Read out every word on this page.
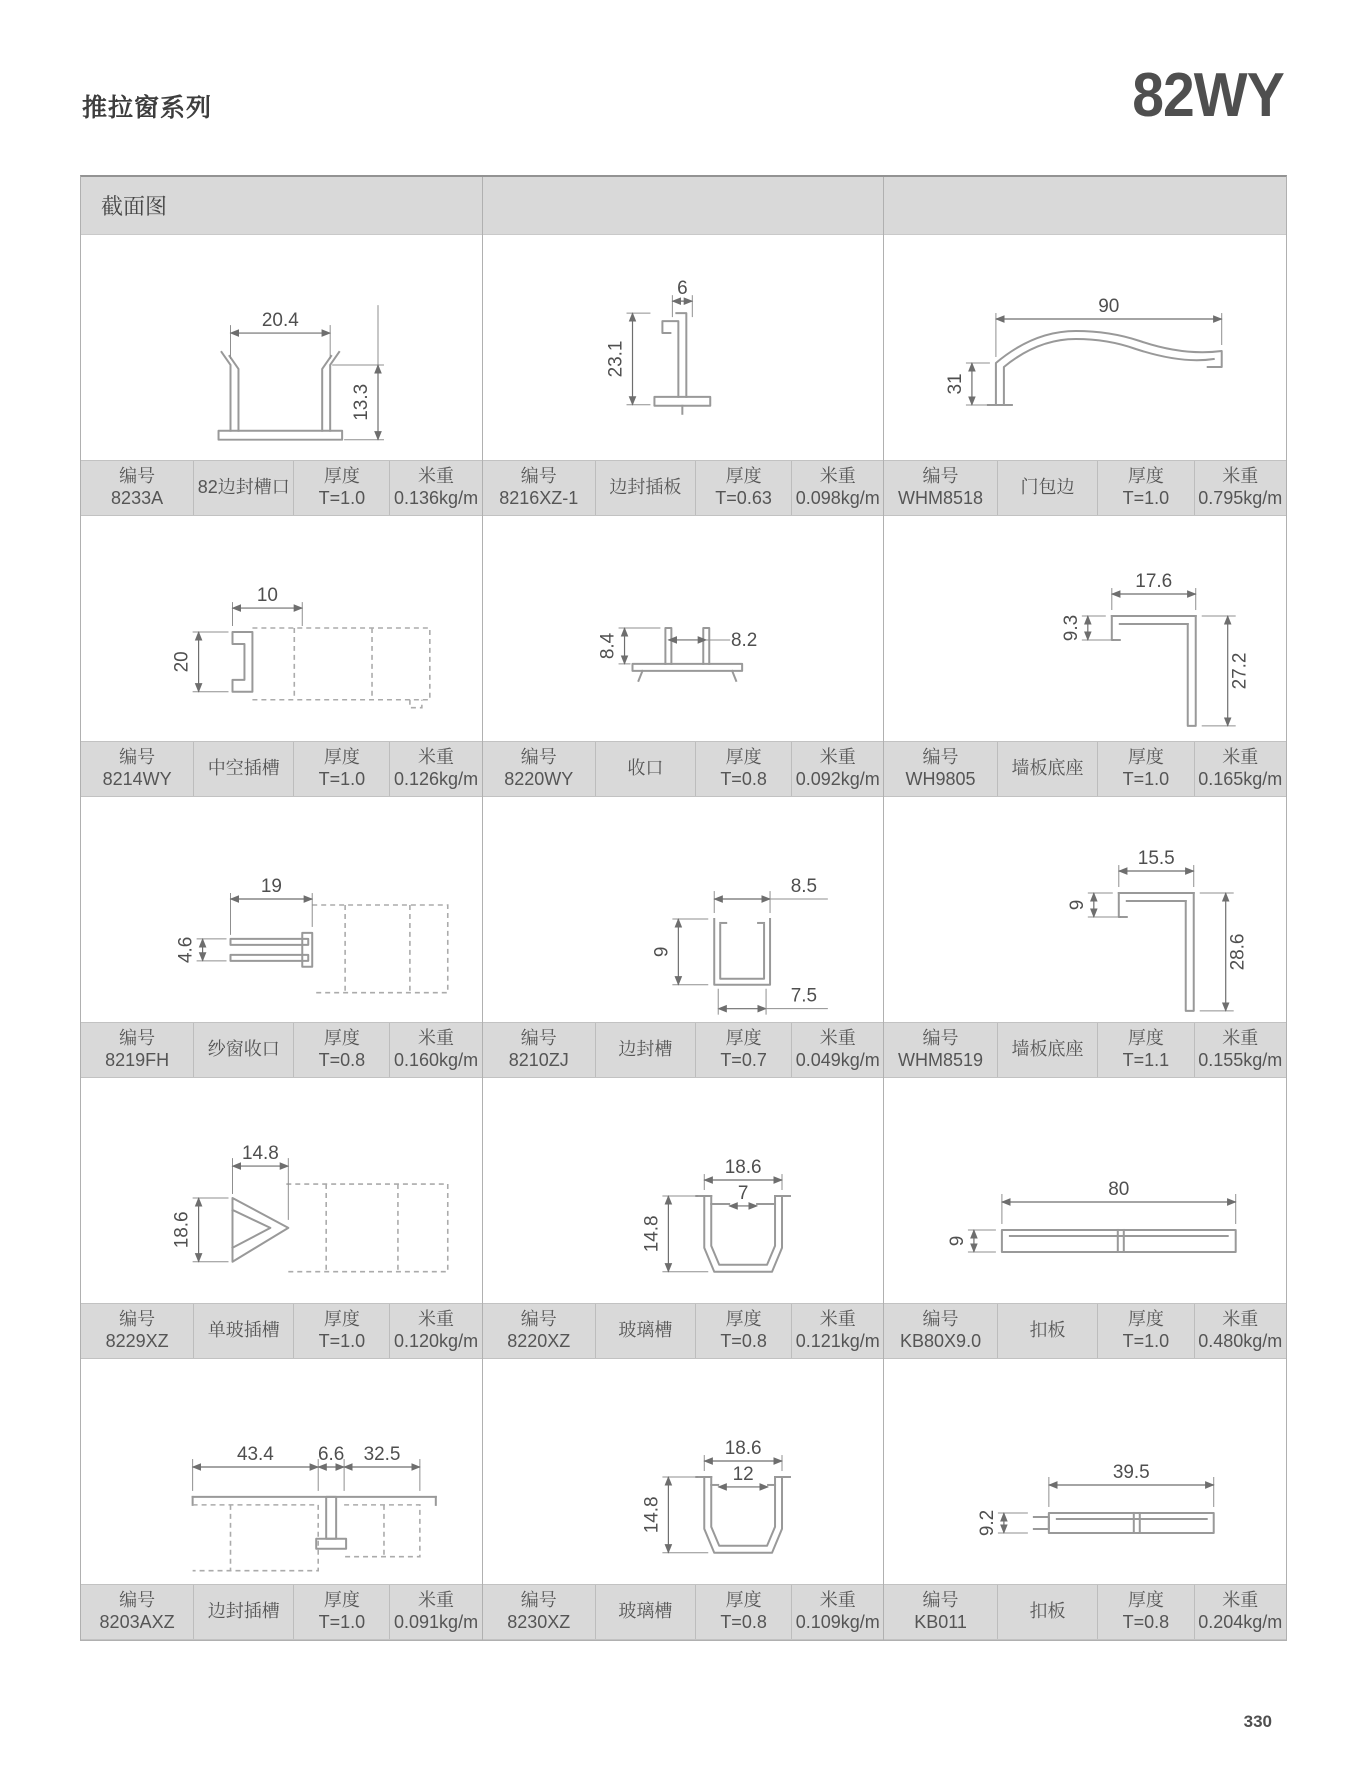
推拉窗系列	82WY
截面图
20.4
13.3
编号
8233A
82边封槽口
厚度
T=1.0
米重
0.136kg/m
10
20
编号
8214WY
中空插槽
厚度
T=1.0
米重
0.126kg/m
19
4.6
编号
8219FH
纱窗收口
厚度
T=0.8
米重
0.160kg/m
14.8
18.6
编号
8229XZ
单玻插槽
厚度
T=1.0
米重
0.120kg/m
43.4 6.6 32.5
编号
8203AXZ
边封插槽
厚度
T=1.0
米重
0.091kg/m
6
23.1
编号
8216XZ-1
边封插板
厚度
T=0.63
米重
0.098kg/m
8.4	8.2
编号
8220WY
收口
厚度
T=0.8
米重
0.092kg/m
8.5
9
7.5
编号
8210ZJ
边封槽
厚度
T=0.7
米重
0.049kg/m
18.6
7
14.8
编号
8220XZ
玻璃槽
厚度
T=0.8
米重
0.121kg/m
18.6
12
14.8
编号
8230XZ
玻璃槽
厚度
T=0.8
米重
0.109kg/m
90
31
编号
WHM8518
门包边
厚度
T=1.0
米重
0.795kg/m
17.6
9.3
27.2
编号
WH9805
墙板底座
厚度
T=1.0
米重
0.165kg/m
15.5
9
28.6
编号
WHM8519
墙板底座
厚度
T=1.1
米重
0.155kg/m
80
9
编号
KB80X9.0
扣板
厚度
T=1.0
米重
0.480kg/m
39.5
9.2
编号
KB011
扣板
厚度
T=0.8
米重
0.204kg/m
330
